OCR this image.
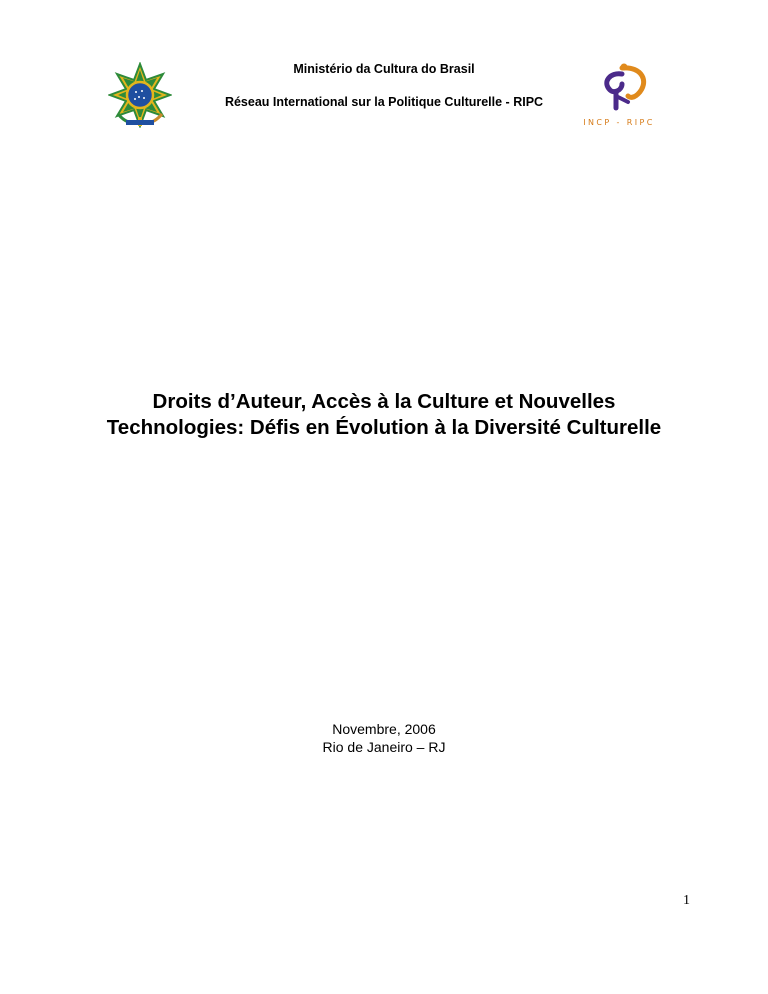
Ministério da Cultura do Brasil
Réseau International sur la Politique Culturelle - RIPC
INCP - RIPC
Droits d’Auteur, Accès à la Culture et Nouvelles
Technologies: Défis en Évolution à la Diversité Culturelle
Novembre, 2006
Rio de Janeiro – RJ
1
